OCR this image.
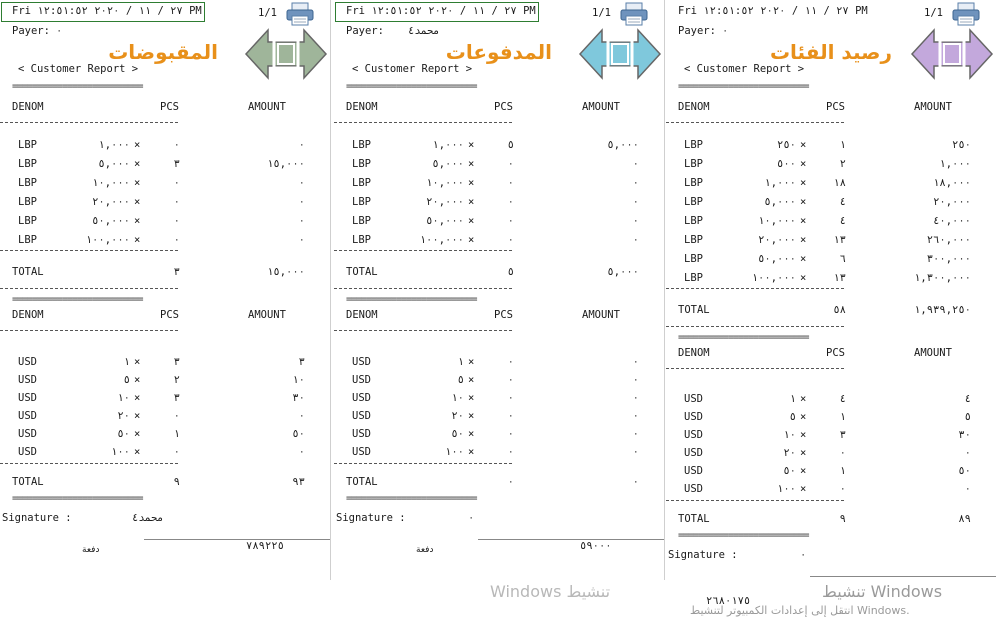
Fri ٢٧ / ١١ / ٢٠٢٠ ١٢:٥١:٥٢ PM	1/1
Payer: ٠
المقبوضات
< Customer Report >
==========================
DENOM	PCS	AMOUNT
LBP	١,٠٠٠ ×	٠	٠
LBP	٥,٠٠٠ ×	٣	١٥,٠٠٠
LBP	١٠,٠٠٠ ×	٠	٠
LBP	٢٠,٠٠٠ ×	٠	٠
LBP	٥٠,٠٠٠ ×	٠	٠
LBP	١٠٠,٠٠٠ ×	٠	٠
TOTAL	٣	١٥,٠٠٠
==========================
DENOM	PCS	AMOUNT
USD	١ ×	٣	٣
USD	٥ ×	٢	١٠
USD	١٠ ×	٣	٣٠
USD	٢٠ ×	٠	٠
USD	٥٠ ×	١	٥٠
USD	١٠٠ ×	٠	٠
TOTAL	٩	٩٣
==========================
Signature :	محمد٤
دفعة	٧٨٩٢٢٥
Fri ٢٧ / ١١ / ٢٠٢٠ ١٢:٥١:٥٢ PM	1/1
Payer: محمد٤
المدفوعات
< Customer Report >
==========================
DENOM	PCS	AMOUNT
LBP	١,٠٠٠ ×	٥	٥,٠٠٠
LBP	٥,٠٠٠ ×	٠	٠
LBP	١٠,٠٠٠ ×	٠	٠
LBP	٢٠,٠٠٠ ×	٠	٠
LBP	٥٠,٠٠٠ ×	٠	٠
LBP	١٠٠,٠٠٠ ×	٠	٠
TOTAL	٥	٥,٠٠٠
==========================
DENOM	PCS	AMOUNT
USD	١ ×	٠	٠
USD	٥ ×	٠	٠
USD	١٠ ×	٠	٠
USD	٢٠ ×	٠	٠
USD	٥٠ ×	٠	٠
USD	١٠٠ ×	٠	٠
TOTAL	٠	٠
==========================
Signature :	٠
دفعة	٥٩٠٠٠
Fri ٢٧ / ١١ / ٢٠٢٠ ١٢:٥١:٥٢ PM	1/1
Payer: ٠
رصيد الفئات
< Customer Report >
==========================
DENOM	PCS	AMOUNT
LBP	٢٥٠ ×	١	٢٥٠
LBP	٥٠٠ ×	٢	١,٠٠٠
LBP	١,٠٠٠ ×	١٨	١٨,٠٠٠
LBP	٥,٠٠٠ ×	٤	٢٠,٠٠٠
LBP	١٠,٠٠٠ ×	٤	٤٠,٠٠٠
LBP	٢٠,٠٠٠ ×	١٣	٢٦٠,٠٠٠
LBP	٥٠,٠٠٠ ×	٦	٣٠٠,٠٠٠
LBP	١٠٠,٠٠٠ ×	١٣	١,٣٠٠,٠٠٠
TOTAL	٥٨	١,٩٣٩,٢٥٠
==========================
DENOM	PCS	AMOUNT
USD	١ ×	٤	٤
USD	٥ ×	١	٥
USD	١٠ ×	٣	٣٠
USD	٢٠ ×	٠	٠
USD	٥٠ ×	١	٥٠
USD	١٠٠ ×	٠	٠
TOTAL	٩	٨٩
==========================
Signature :	٠
٢٦٨٠١٧٥
Windows تنشيط	تنشيط Windows
انتقل إلى إعدادات الكمبيوتر لتنشيط Windows.
